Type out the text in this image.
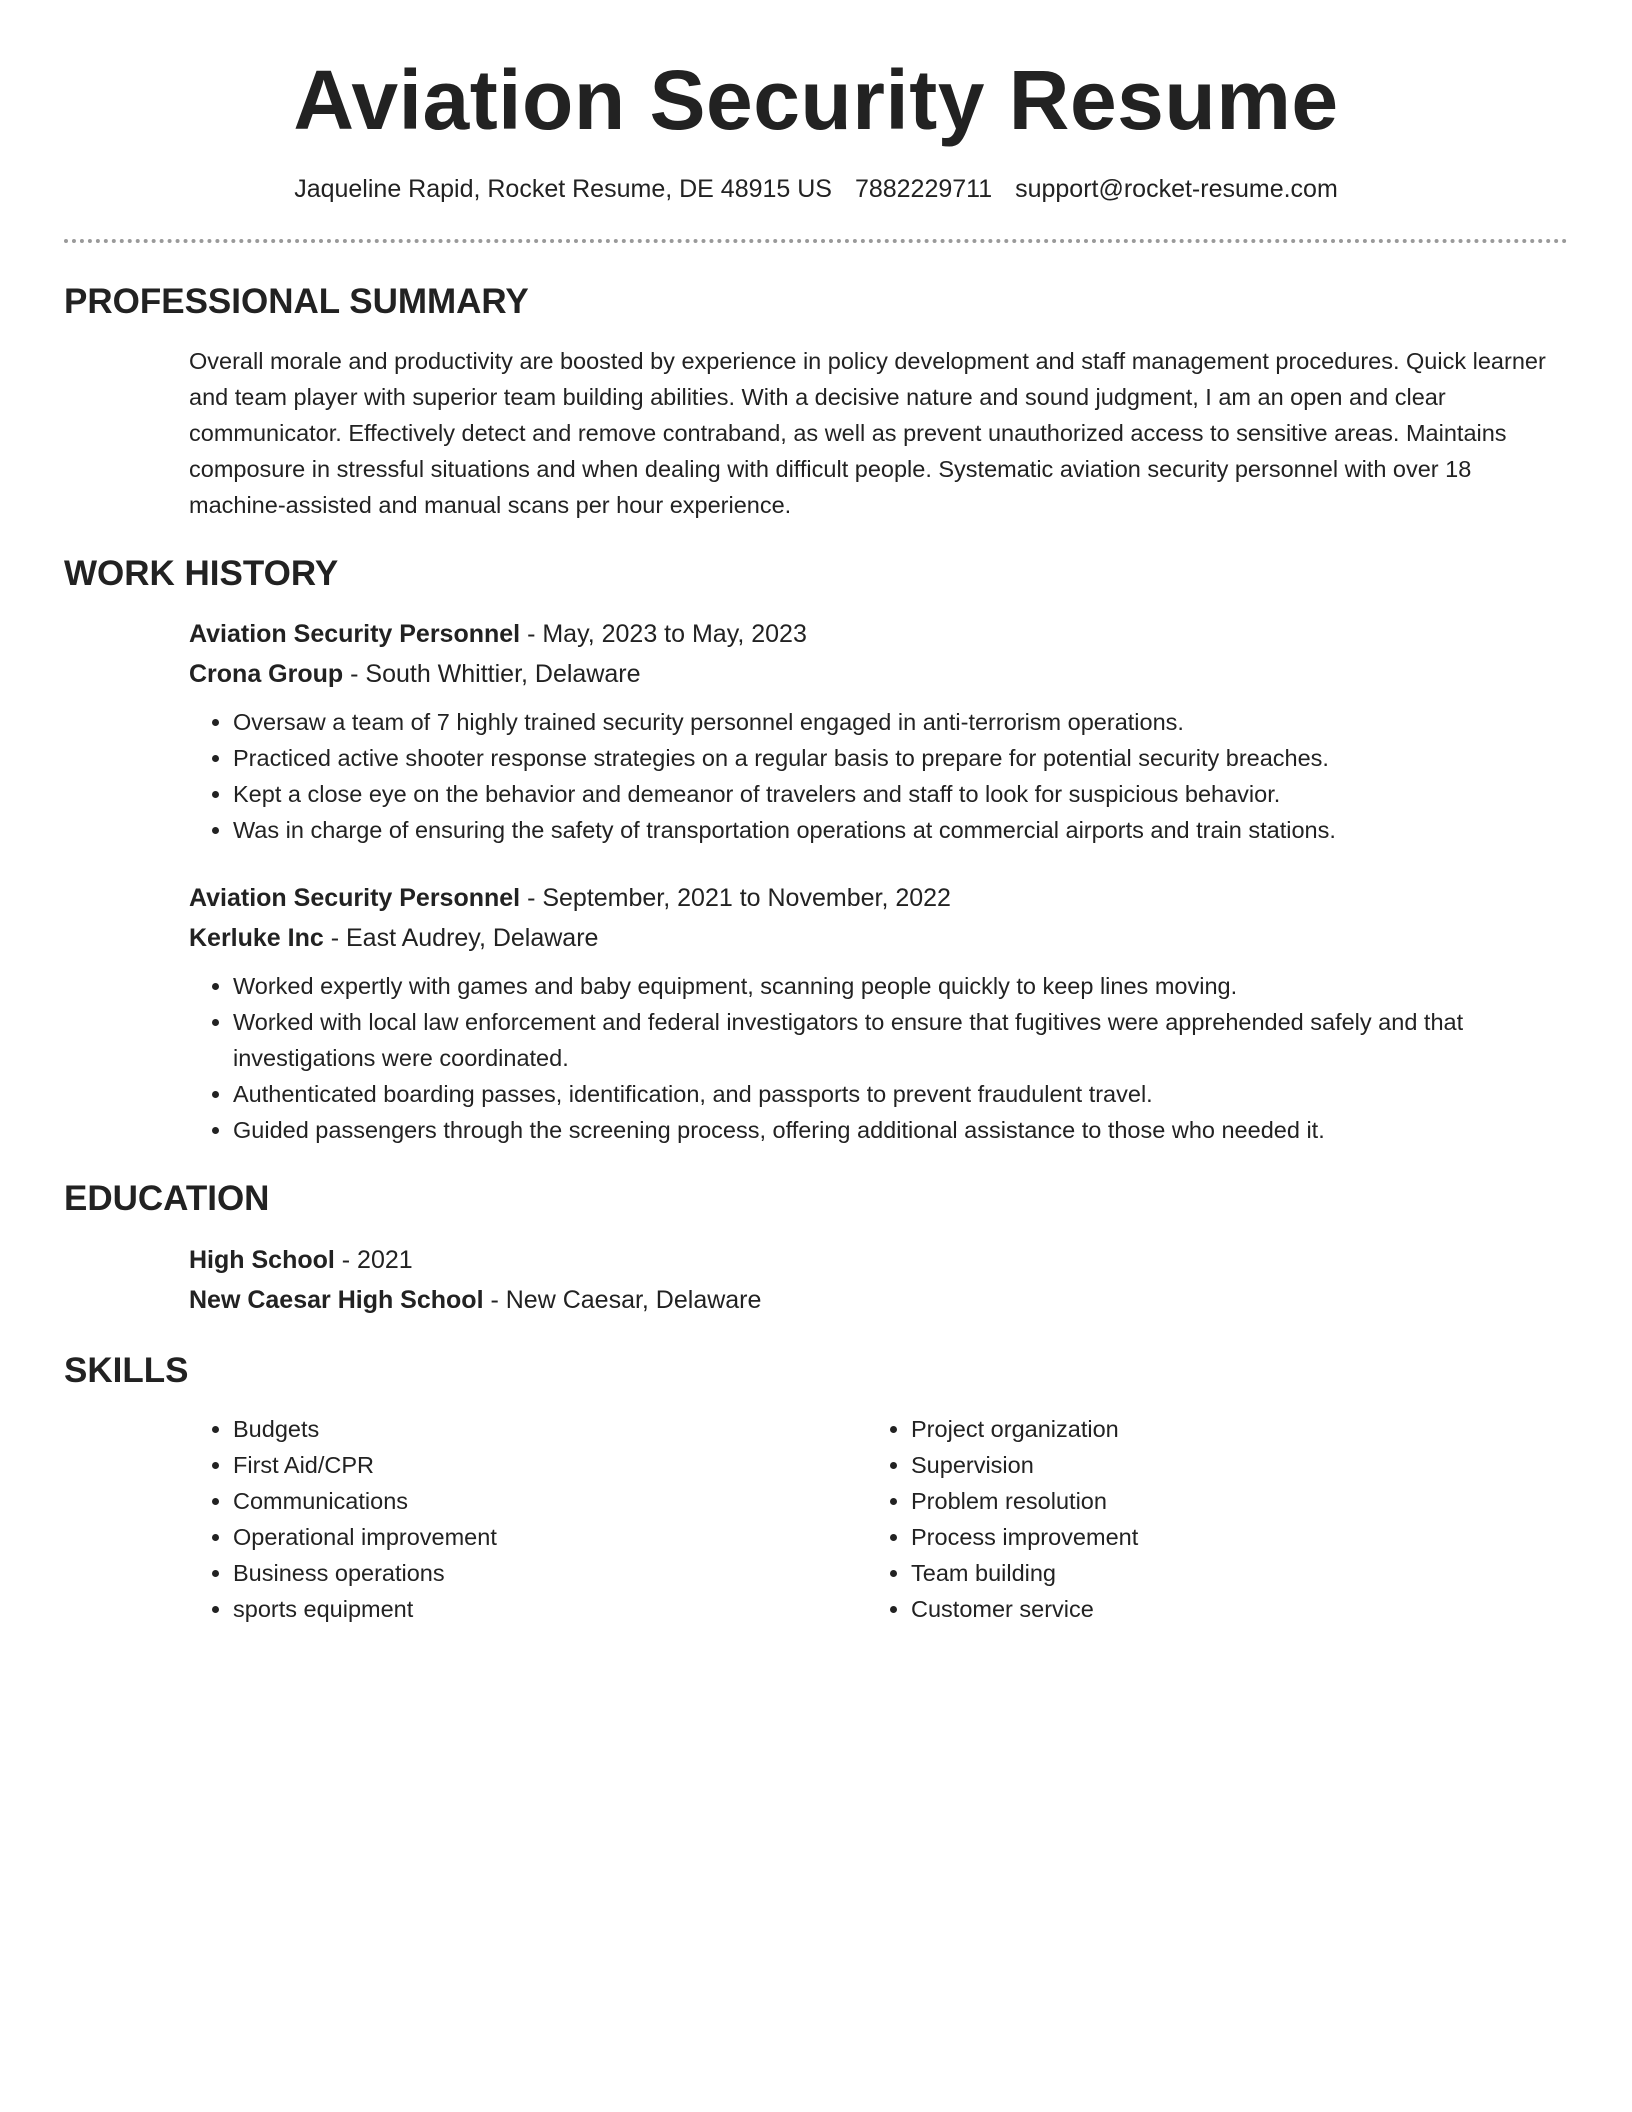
Aviation Security Resume
Jaqueline Rapid, Rocket Resume, DE 48915 US 7882229711 support@rocket-resume.com
PROFESSIONAL SUMMARY

Overall morale and productivity are boosted by experience in policy development and staff management procedures. Quick learner and team player with superior team building abilities. With a decisive nature and sound judgment, I am an open and clear communicator. Effectively detect and remove contraband, as well as prevent unauthorized access to sensitive areas. Maintains composure in stressful situations and when dealing with difficult people. Systematic aviation security personnel with over 18 machine-assisted and manual scans per hour experience.

WORK HISTORY
Aviation Security Personnel - May, 2023 to May, 2023
Crona Group - South Whittier, Delaware
• Oversaw a team of 7 highly trained security personnel engaged in anti-terrorism operations.
• Practiced active shooter response strategies on a regular basis to prepare for potential security breaches.
• Kept a close eye on the behavior and demeanor of travelers and staff to look for suspicious behavior.
• Was in charge of ensuring the safety of transportation operations at commercial airports and train stations.
Aviation Security Personnel - September, 2021 to November, 2022
Kerluke Inc - East Audrey, Delaware
• Worked expertly with games and baby equipment, scanning people quickly to keep lines moving.
• Worked with local law enforcement and federal investigators to ensure that fugitives were apprehended safely and that investigations were coordinated.
• Authenticated boarding passes, identification, and passports to prevent fraudulent travel.
• Guided passengers through the screening process, offering additional assistance to those who needed it.
EDUCATION
High School - 2021
New Caesar High School - New Caesar, Delaware
SKILLS
• Budgets
• First Aid/CPR
• Communications
• Operational improvement
• Business operations
• sports equipment
• Project organization
• Supervision
• Problem resolution
• Process improvement
• Team building
• Customer service
